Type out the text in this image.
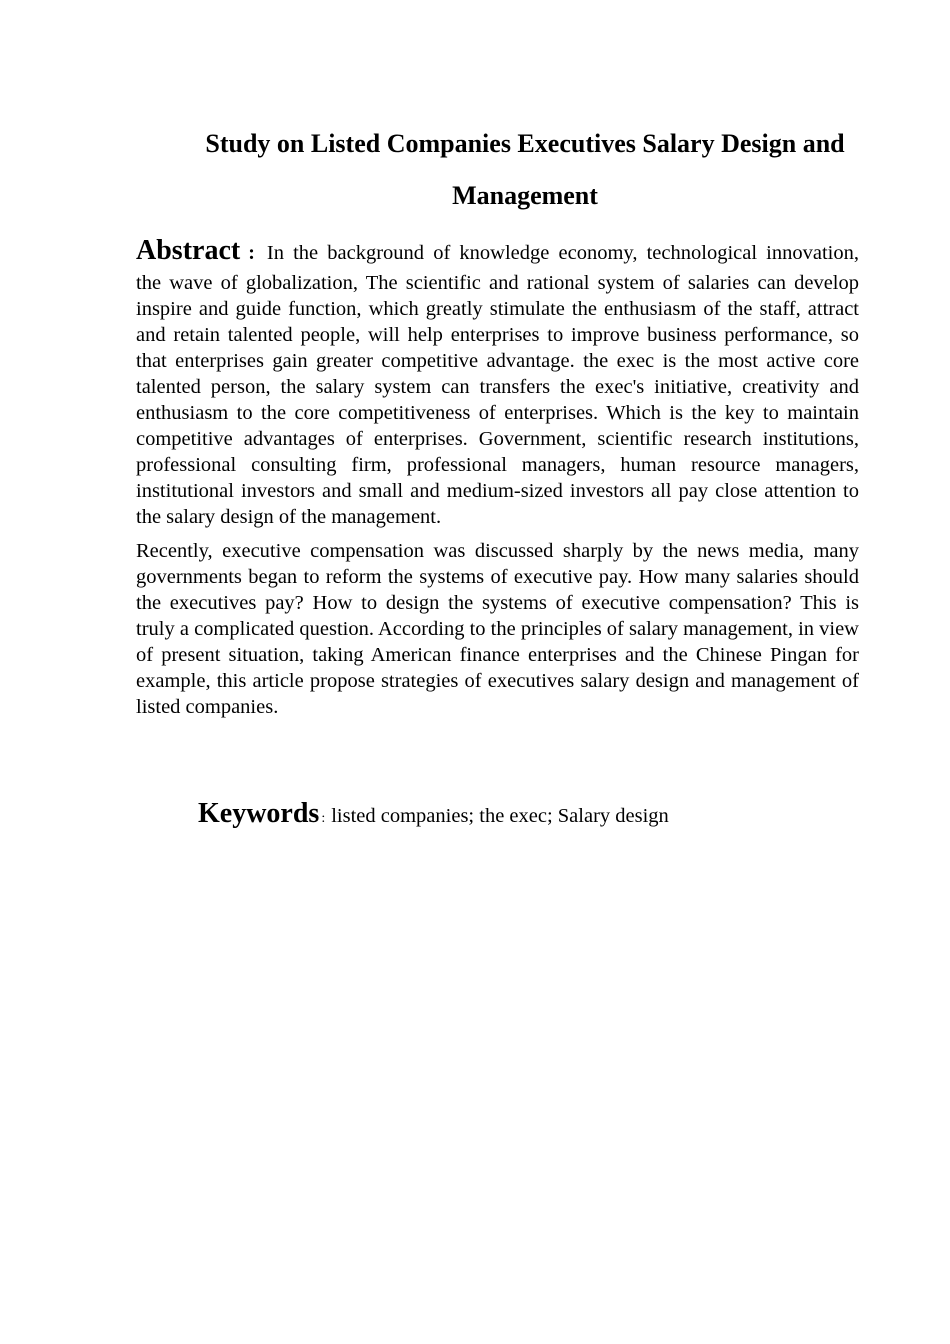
Study on Listed Companies Executives Salary Design and Management

Abstract : In the background of knowledge economy, technological innovation, the wave of globalization, The scientific and rational system of salaries can develop inspire and guide function, which greatly stimulate the enthusiasm of the staff, attract and retain talented people, will help enterprises to improve business performance, so that enterprises gain greater competitive advantage. the exec is the most active core talented person, the salary system can transfers the exec's initiative, creativity and enthusiasm to the core competitiveness of enterprises. Which is the key to maintain competitive advantages of enterprises. Government, scientific research institutions, professional consulting firm, professional managers, human resource managers, institutional investors and small and medium-sized investors all pay close attention to the salary design of the management.

Recently, executive compensation was discussed sharply by the news media, many governments began to reform the systems of executive pay. How many salaries should the executives pay? How to design the systems of executive compensation? This is truly a complicated question. According to the principles of salary management, in view of present situation, taking American finance enterprises and the Chinese Pingan for example, this article propose strategies of executives salary design and management of listed companies.

Keywords : listed companies; the exec; Salary design
